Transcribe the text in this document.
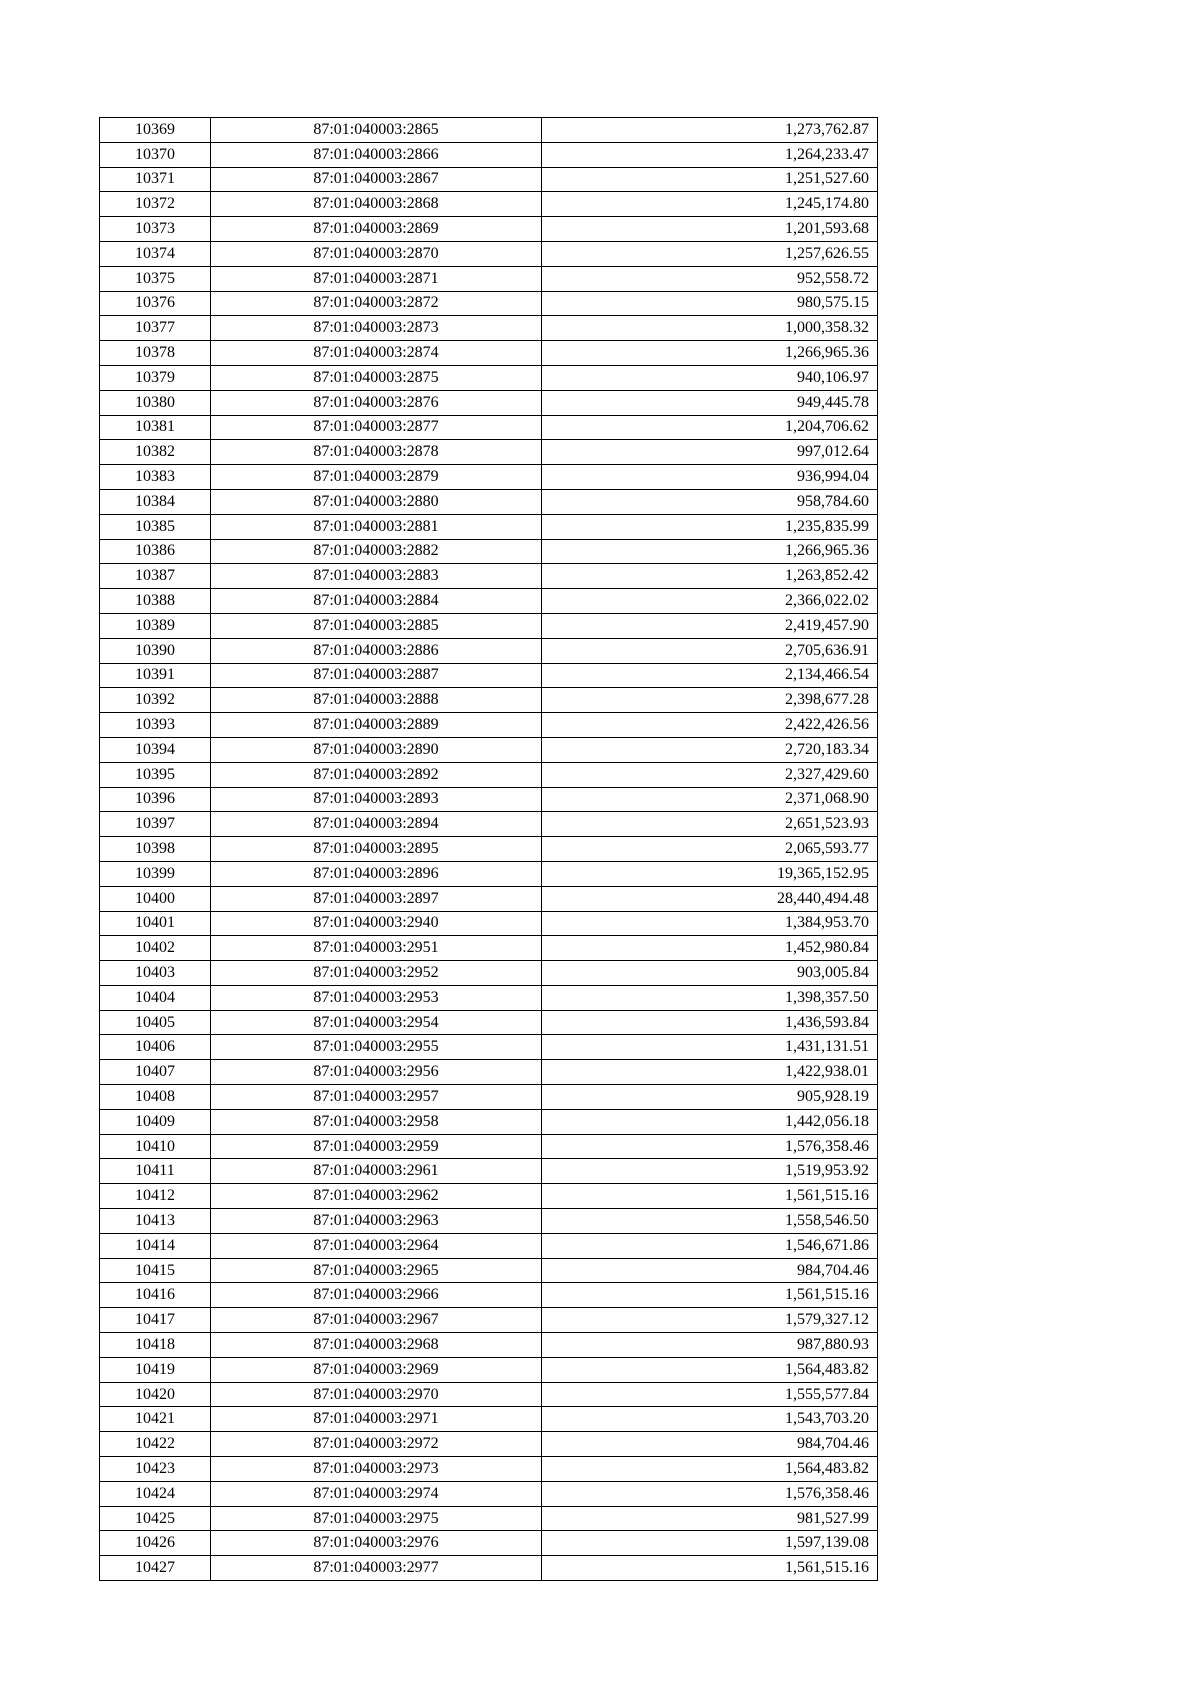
10369	87:01:040003:2865	1,273,762.87
10370	87:01:040003:2866	1,264,233.47
10371	87:01:040003:2867	1,251,527.60
10372	87:01:040003:2868	1,245,174.80
10373	87:01:040003:2869	1,201,593.68
10374	87:01:040003:2870	1,257,626.55
10375	87:01:040003:2871	952,558.72
10376	87:01:040003:2872	980,575.15
10377	87:01:040003:2873	1,000,358.32
10378	87:01:040003:2874	1,266,965.36
10379	87:01:040003:2875	940,106.97
10380	87:01:040003:2876	949,445.78
10381	87:01:040003:2877	1,204,706.62
10382	87:01:040003:2878	997,012.64
10383	87:01:040003:2879	936,994.04
10384	87:01:040003:2880	958,784.60
10385	87:01:040003:2881	1,235,835.99
10386	87:01:040003:2882	1,266,965.36
10387	87:01:040003:2883	1,263,852.42
10388	87:01:040003:2884	2,366,022.02
10389	87:01:040003:2885	2,419,457.90
10390	87:01:040003:2886	2,705,636.91
10391	87:01:040003:2887	2,134,466.54
10392	87:01:040003:2888	2,398,677.28
10393	87:01:040003:2889	2,422,426.56
10394	87:01:040003:2890	2,720,183.34
10395	87:01:040003:2892	2,327,429.60
10396	87:01:040003:2893	2,371,068.90
10397	87:01:040003:2894	2,651,523.93
10398	87:01:040003:2895	2,065,593.77
10399	87:01:040003:2896	19,365,152.95
10400	87:01:040003:2897	28,440,494.48
10401	87:01:040003:2940	1,384,953.70
10402	87:01:040003:2951	1,452,980.84
10403	87:01:040003:2952	903,005.84
10404	87:01:040003:2953	1,398,357.50
10405	87:01:040003:2954	1,436,593.84
10406	87:01:040003:2955	1,431,131.51
10407	87:01:040003:2956	1,422,938.01
10408	87:01:040003:2957	905,928.19
10409	87:01:040003:2958	1,442,056.18
10410	87:01:040003:2959	1,576,358.46
10411	87:01:040003:2961	1,519,953.92
10412	87:01:040003:2962	1,561,515.16
10413	87:01:040003:2963	1,558,546.50
10414	87:01:040003:2964	1,546,671.86
10415	87:01:040003:2965	984,704.46
10416	87:01:040003:2966	1,561,515.16
10417	87:01:040003:2967	1,579,327.12
10418	87:01:040003:2968	987,880.93
10419	87:01:040003:2969	1,564,483.82
10420	87:01:040003:2970	1,555,577.84
10421	87:01:040003:2971	1,543,703.20
10422	87:01:040003:2972	984,704.46
10423	87:01:040003:2973	1,564,483.82
10424	87:01:040003:2974	1,576,358.46
10425	87:01:040003:2975	981,527.99
10426	87:01:040003:2976	1,597,139.08
10427	87:01:040003:2977	1,561,515.16
